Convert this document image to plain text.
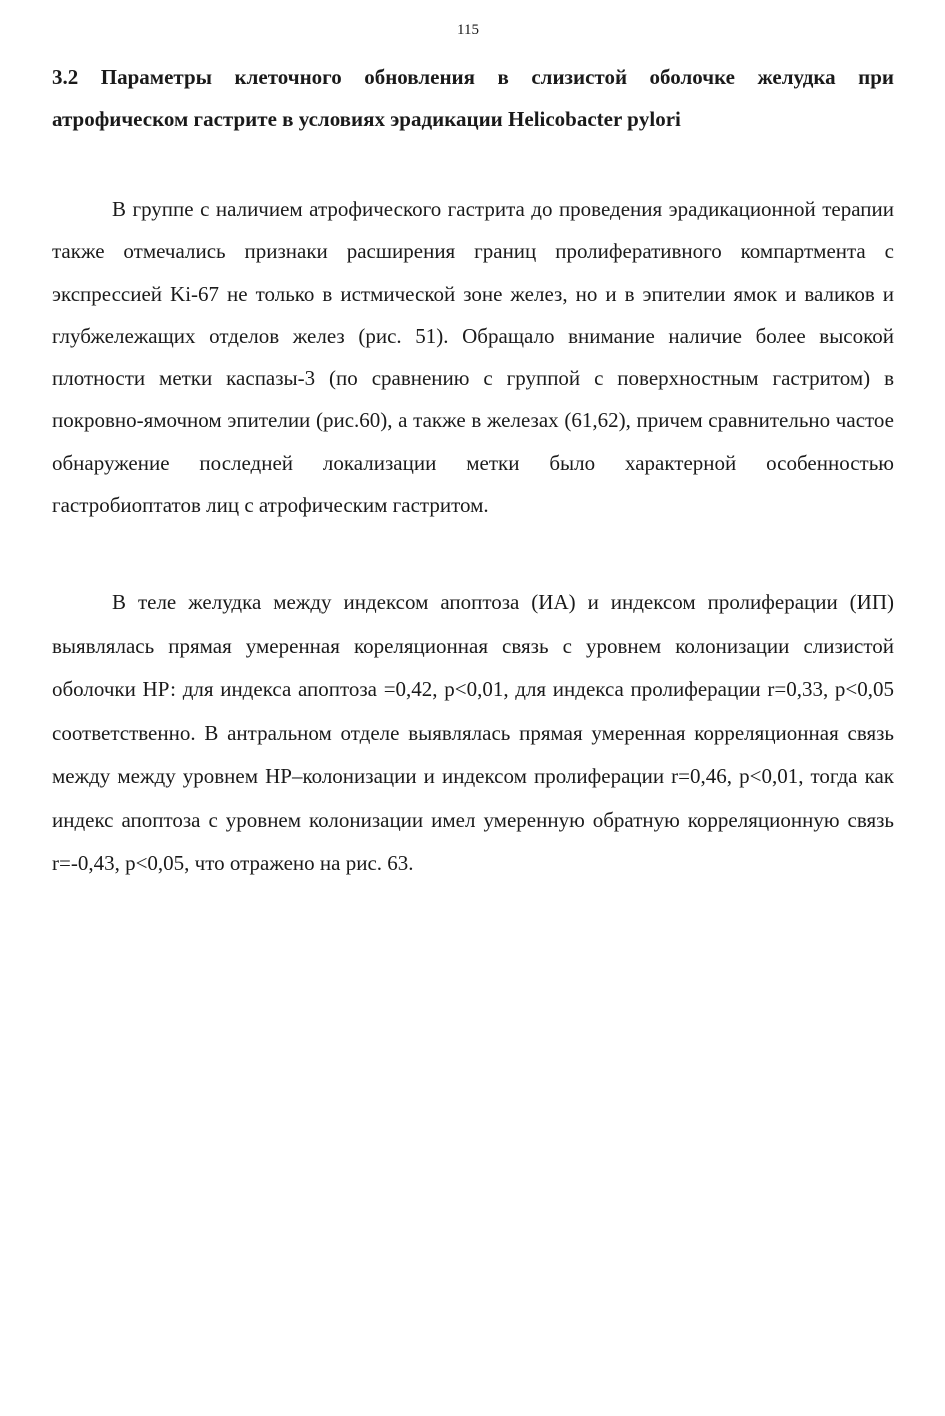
115
3.2 Параметры клеточного обновления в слизистой оболочке желудка при атрофическом гастрите в условиях эрадикации Helicobacter pylori

В группе с наличием атрофического гастрита до проведения эрадикационной терапии также отмечались признаки расширения границ пролиферативного компартмента с экспрессией Ki-67 не только в истмической зоне желез, но и в эпителии ямок и валиков и глубжележащих отделов желез (рис. 51). Обращало внимание наличие более высокой плотности метки каспазы-3 (по сравнению с группой с поверхностным гастритом) в покровно-ямочном эпителии (рис.60), а также в железах (61,62), причем сравнительно частое обнаружение последней локализации метки было характерной особенностью гастробиоптатов лиц с атрофическим гастритом.

В теле желудка между индексом апоптоза (ИА) и индексом пролиферации (ИП) выявлялась прямая умеренная кореляционная связь с уровнем колонизации слизистой оболочки НР: для индекса апоптоза =0,42, p<0,01, для индекса пролиферации r=0,33, p<0,05 соответственно. В антральном отделе выявлялась прямая умеренная корреляционная связь между между уровнем НР–колонизации и индексом пролиферации r=0,46, p<0,01, тогда как индекс апоптоза с уровнем колонизации имел умеренную обратную корреляционную связь r=-0,43, p<0,05, что отражено на рис. 63.
